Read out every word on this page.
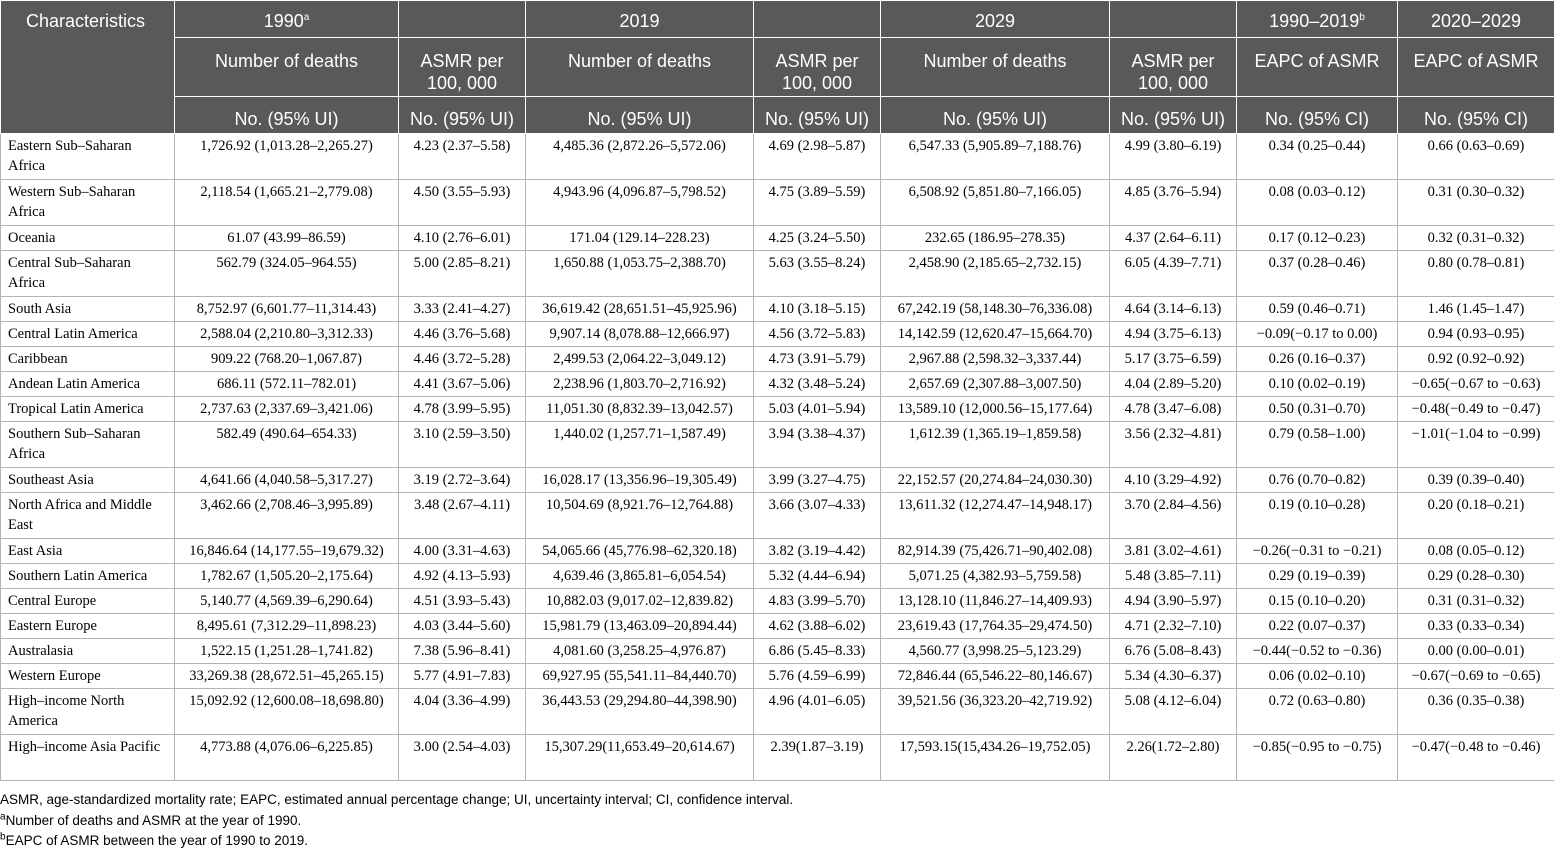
Characteristics	1990$^a$		2019		2029		1990–2019$^b$	2020–2029
	Number of deaths	ASMR per 100, 000	Number of deaths	ASMR per 100, 000	Number of deaths	ASMR per 100, 000	EAPC of ASMR	EAPC of ASMR
	No. (95% UI)	No. (95% UI)	No. (95% UI)	No. (95% UI)	No. (95% UI)	No. (95% UI)	No. (95% CI)	No. (95% CI)
Eastern Sub–Saharan Africa	1,726.92 (1,013.28–2,265.27)	4.23 (2.37–5.58)	4,485.36 (2,872.26–5,572.06)	4.69 (2.98–5.87)	6,547.33 (5,905.89–7,188.76)	4.99 (3.80–6.19)	0.34 (0.25–0.44)	0.66 (0.63–0.69)
Western Sub–Saharan Africa	2,118.54 (1,665.21–2,779.08)	4.50 (3.55–5.93)	4,943.96 (4,096.87–5,798.52)	4.75 (3.89–5.59)	6,508.92 (5,851.80–7,166.05)	4.85 (3.76–5.94)	0.08 (0.03–0.12)	0.31 (0.30–0.32)
Oceania	61.07 (43.99–86.59)	4.10 (2.76–6.01)	171.04 (129.14–228.23)	4.25 (3.24–5.50)	232.65 (186.95–278.35)	4.37 (2.64–6.11)	0.17 (0.12–0.23)	0.32 (0.31–0.32)
Central Sub–Saharan Africa	562.79 (324.05–964.55)	5.00 (2.85–8.21)	1,650.88 (1,053.75–2,388.70)	5.63 (3.55–8.24)	2,458.90 (2,185.65–2,732.15)	6.05 (4.39–7.71)	0.37 (0.28–0.46)	0.80 (0.78–0.81)
South Asia	8,752.97 (6,601.77–11,314.43)	3.33 (2.41–4.27)	36,619.42 (28,651.51–45,925.96)	4.10 (3.18–5.15)	67,242.19 (58,148.30–76,336.08)	4.64 (3.14–6.13)	0.59 (0.46–0.71)	1.46 (1.45–1.47)
Central Latin America	2,588.04 (2,210.80–3,312.33)	4.46 (3.76–5.68)	9,907.14 (8,078.88–12,666.97)	4.56 (3.72–5.83)	14,142.59 (12,620.47–15,664.70)	4.94 (3.75–6.13)	−0.09(−0.17 to 0.00)	0.94 (0.93–0.95)
Caribbean	909.22 (768.20–1,067.87)	4.46 (3.72–5.28)	2,499.53 (2,064.22–3,049.12)	4.73 (3.91–5.79)	2,967.88 (2,598.32–3,337.44)	5.17 (3.75–6.59)	0.26 (0.16–0.37)	0.92 (0.92–0.92)
Andean Latin America	686.11 (572.11–782.01)	4.41 (3.67–5.06)	2,238.96 (1,803.70–2,716.92)	4.32 (3.48–5.24)	2,657.69 (2,307.88–3,007.50)	4.04 (2.89–5.20)	0.10 (0.02–0.19)	−0.65(−0.67 to −0.63)
Tropical Latin America	2,737.63 (2,337.69–3,421.06)	4.78 (3.99–5.95)	11,051.30 (8,832.39–13,042.57)	5.03 (4.01–5.94)	13,589.10 (12,000.56–15,177.64)	4.78 (3.47–6.08)	0.50 (0.31–0.70)	−0.48(−0.49 to −0.47)
Southern Sub–Saharan Africa	582.49 (490.64–654.33)	3.10 (2.59–3.50)	1,440.02 (1,257.71–1,587.49)	3.94 (3.38–4.37)	1,612.39 (1,365.19–1,859.58)	3.56 (2.32–4.81)	0.79 (0.58–1.00)	−1.01(−1.04 to −0.99)
Southeast Asia	4,641.66 (4,040.58–5,317.27)	3.19 (2.72–3.64)	16,028.17 (13,356.96–19,305.49)	3.99 (3.27–4.75)	22,152.57 (20,274.84–24,030.30)	4.10 (3.29–4.92)	0.76 (0.70–0.82)	0.39 (0.39–0.40)
North Africa and Middle East	3,462.66 (2,708.46–3,995.89)	3.48 (2.67–4.11)	10,504.69 (8,921.76–12,764.88)	3.66 (3.07–4.33)	13,611.32 (12,274.47–14,948.17)	3.70 (2.84–4.56)	0.19 (0.10–0.28)	0.20 (0.18–0.21)
East Asia	16,846.64 (14,177.55–19,679.32)	4.00 (3.31–4.63)	54,065.66 (45,776.98–62,320.18)	3.82 (3.19–4.42)	82,914.39 (75,426.71–90,402.08)	3.81 (3.02–4.61)	−0.26(−0.31 to −0.21)	0.08 (0.05–0.12)
Southern Latin America	1,782.67 (1,505.20–2,175.64)	4.92 (4.13–5.93)	4,639.46 (3,865.81–6,054.54)	5.32 (4.44–6.94)	5,071.25 (4,382.93–5,759.58)	5.48 (3.85–7.11)	0.29 (0.19–0.39)	0.29 (0.28–0.30)
Central Europe	5,140.77 (4,569.39–6,290.64)	4.51 (3.93–5.43)	10,882.03 (9,017.02–12,839.82)	4.83 (3.99–5.70)	13,128.10 (11,846.27–14,409.93)	4.94 (3.90–5.97)	0.15 (0.10–0.20)	0.31 (0.31–0.32)
Eastern Europe	8,495.61 (7,312.29–11,898.23)	4.03 (3.44–5.60)	15,981.79 (13,463.09–20,894.44)	4.62 (3.88–6.02)	23,619.43 (17,764.35–29,474.50)	4.71 (2.32–7.10)	0.22 (0.07–0.37)	0.33 (0.33–0.34)
Australasia	1,522.15 (1,251.28–1,741.82)	7.38 (5.96–8.41)	4,081.60 (3,258.25–4,976.87)	6.86 (5.45–8.33)	4,560.77 (3,998.25–5,123.29)	6.76 (5.08–8.43)	−0.44(−0.52 to −0.36)	0.00 (0.00–0.01)
Western Europe	33,269.38 (28,672.51–45,265.15)	5.77 (4.91–7.83)	69,927.95 (55,541.11–84,440.70)	5.76 (4.59–6.99)	72,846.44 (65,546.22–80,146.67)	5.34 (4.30–6.37)	0.06 (0.02–0.10)	−0.67(−0.69 to −0.65)
High–income North America	15,092.92 (12,600.08–18,698.80)	4.04 (3.36–4.99)	36,443.53 (29,294.80–44,398.90)	4.96 (4.01–6.05)	39,521.56 (36,323.20–42,719.92)	5.08 (4.12–6.04)	0.72 (0.63–0.80)	0.36 (0.35–0.38)
High–income Asia Pacific	4,773.88 (4,076.06–6,225.85)	3.00 (2.54–4.03)	15,307.29(11,653.49–20,614.67)	2.39(1.87–3.19)	17,593.15(15,434.26–19,752.05)	2.26(1.72–2.80)	−0.85(−0.95 to −0.75)	−0.47(−0.48 to −0.46)
ASMR, age-standardized mortality rate; EAPC, estimated annual percentage change; UI, uncertainty interval; CI, confidence interval.
$^a$Number of deaths and ASMR at the year of 1990.
$^b$EAPC of ASMR between the year of 1990 to 2019.
